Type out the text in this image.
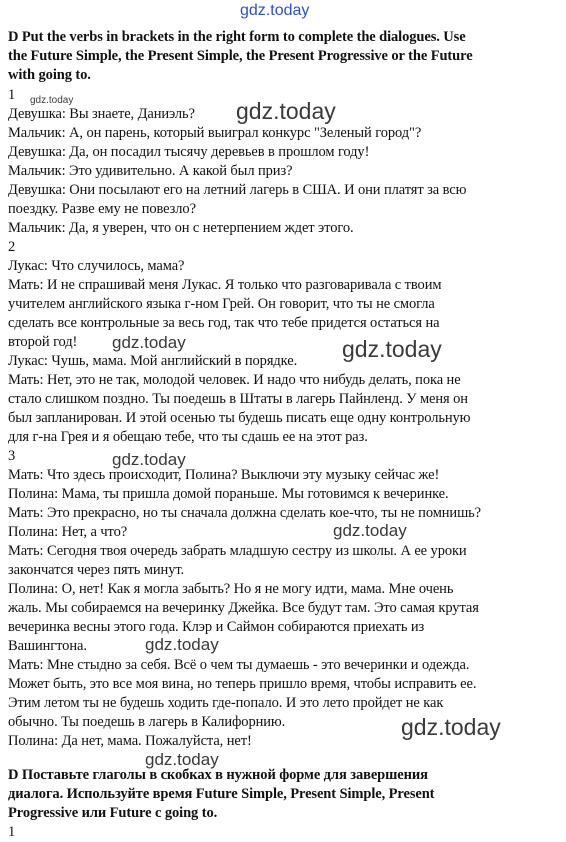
D Put the verbs in brackets in the right form to complete the dialogues. Use
the Future Simple, the Present Simple, the Present Progressive or the Future
with going to.
1
Девушка: Вы знаете, Даниэль?
Мальчик: А, он парень, который выиграл конкурс "Зеленый город"?
Девушка: Да, он посадил тысячу деревьев в прошлом году!
Мальчик: Это удивительно. А какой был приз?
Девушка: Они посылают его на летний лагерь в США. И они платят за всю
поездку. Разве ему не повезло?
Мальчик: Да, я уверен, что он с нетерпением ждет этого.
2
Лукас: Что случилось, мама?
Мать: И не спрашивай меня Лукас. Я только что разговаривала с твоим
учителем английского языка г-ном Грей. Он говорит, что ты не смогла
сделать все контрольные за весь год, так что тебе придется остаться на
второй год!
Лукас: Чушь, мама. Мой английский в порядке.
Мать: Нет, это не так, молодой человек. И надо что нибудь делать, пока не
стало слишком поздно. Ты поедешь в Штаты в лагерь Пайнленд. У меня он
был запланирован. И этой осенью ты будешь писать еще одну контрольную
для г-на Грея и я обещаю тебе, что ты сдашь ее на этот раз.
3
Мать: Что здесь происходит, Полина? Выключи эту музыку сейчас же!
Полина: Мама, ты пришла домой пораньше. Мы готовимся к вечеринке.
Мать: Это прекрасно, но ты сначала должна сделать кое-что, ты не помнишь?
Полина: Нет, а что?
Мать: Сегодня твоя очередь забрать младшую сестру из школы. А ее уроки
закончатся через пять минут.
Полина: О, нет! Как я могла забыть? Но я не могу идти, мама. Мне очень
жаль. Мы собираемся на вечеринку Джейка. Все будут там. Это самая крутая
вечеринка весны этого года. Клэр и Саймон собираются приехать из
Вашингтона.
Мать: Мне стыдно за себя. Всё о чем ты думаешь - это вечеринки и одежда.
Может быть, это все моя вина, но теперь пришло время, чтобы исправить ее.
Этим летом ты не будешь ходить где-попало. И это лето пройдет не как
обычно. Ты поедешь в лагерь в Калифорнию.
Полина: Да нет, мама. Пожалуйста, нет!
D Поставьте глаголы в скобках в нужной форме для завершения
диалога. Используйте время Future Simple, Present Simple, Present
Progressive или Future с going to.
1
gdz.today
gdz.today	gdz.today
gdz.today	gdz.today
gdz.today
gdz.today
gdz.today
gdz.today
gdz.today
